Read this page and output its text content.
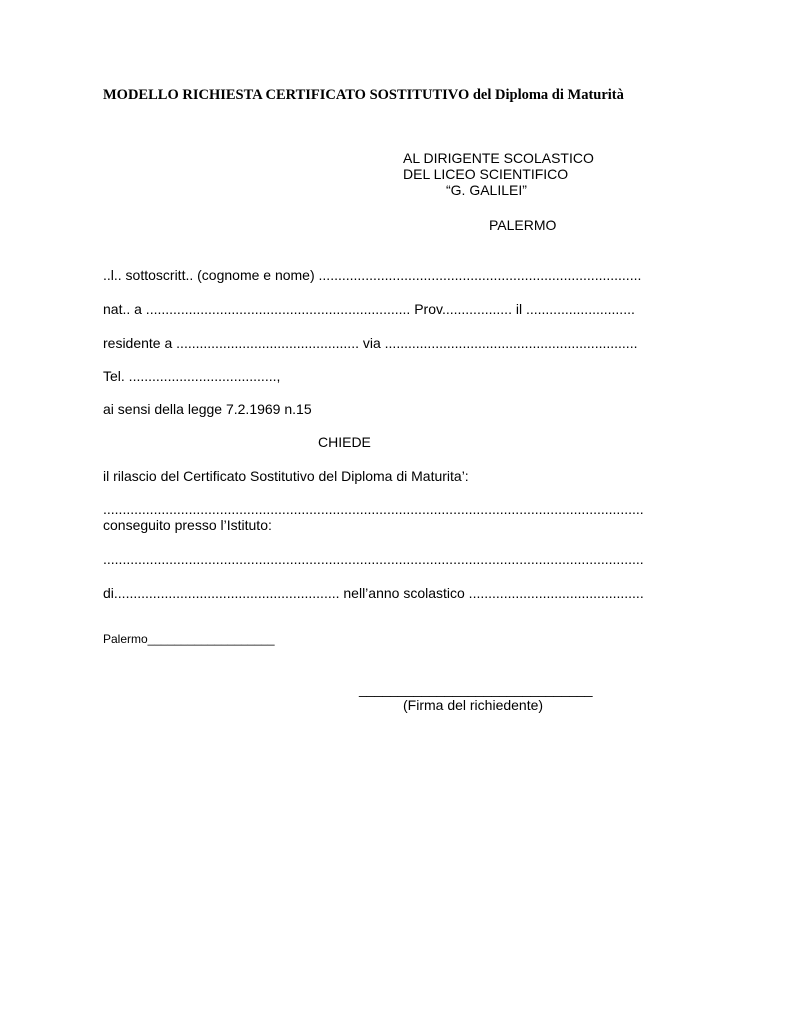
MODELLO RICHIESTA CERTIFICATO SOSTITUTIVO del Diploma di Maturità
AL DIRIGENTE SCOLASTICO
DEL LICEO SCIENTIFICO
“G. GALILEI”
PALERMO
..l.. sottoscritt.. (cognome e nome) ...................................................................................
nat.. a .................................................................... Prov.................. il ............................
residente a ............................................... via .................................................................
Tel. ......................................,
ai sensi della legge 7.2.1969 n.15
CHIEDE
il rilascio del Certificato Sostitutivo del Diploma di Maturita’:
...........................................................................................................................................
conseguito presso l’Istituto:
...........................................................................................................................................
di.......................................................... nell’anno scolastico .............................................
Palermo___________________
______________________________
(Firma del richiedente)
